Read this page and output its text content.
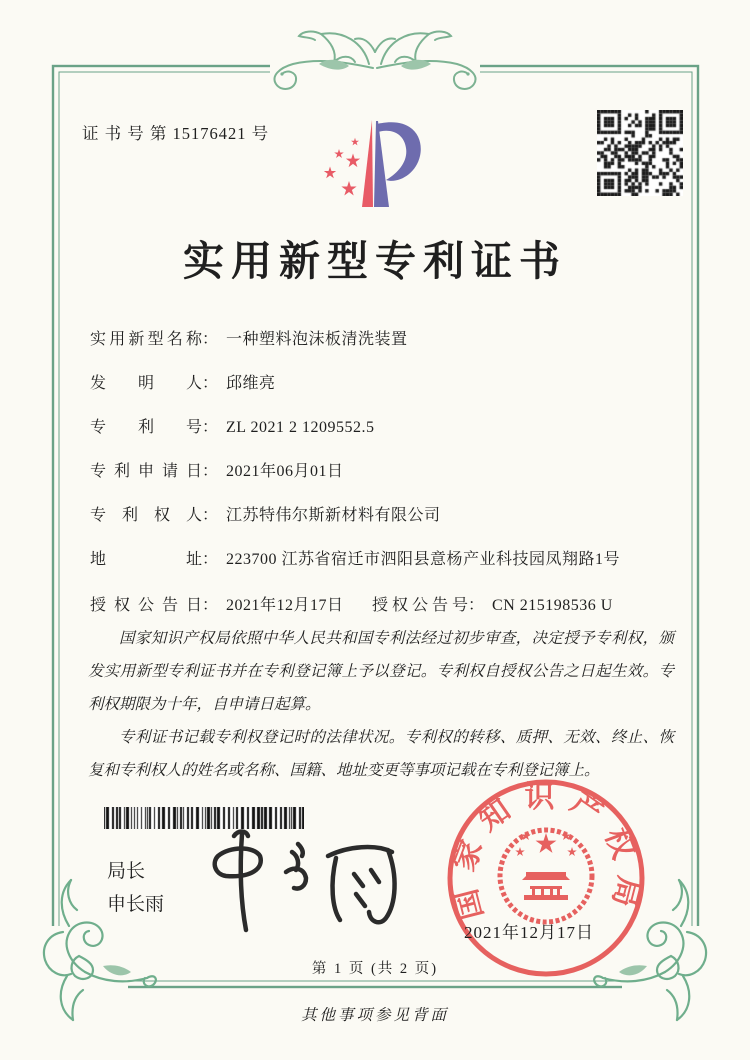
证 书 号 第 15176421 号
实用新型专利证书
实用新型名称： 一种塑料泡沫板清洗装置
发明人： 邱维亮
专利号： ZL 2021 2 1209552.5
专利申请日： 2021年06月01日
专利权人： 江苏特伟尔斯新材料有限公司
地址： 223700 江苏省宿迁市泗阳县意杨产业科技园凤翔路1号
授权公告日： 2021年12月17日 授权公告号： CN 215198536 U

国家知识产权局依照中华人民共和国专利法经过初步审查，决定授予专利权，颁发实用新型专利证书并在专利登记簿上予以登记。专利权自授权公告之日起生效。专利权期限为十年，自申请日起算。

专利证书记载专利权登记时的法律状况。专利权的转移、质押、无效、终止、恢复和专利权人的姓名或名称、国籍、地址变更等事项记载在专利登记簿上。

局长
申长雨	国家知识产权局
2021年12月17日
第 1 页 (共 2 页)
其他事项参见背面
